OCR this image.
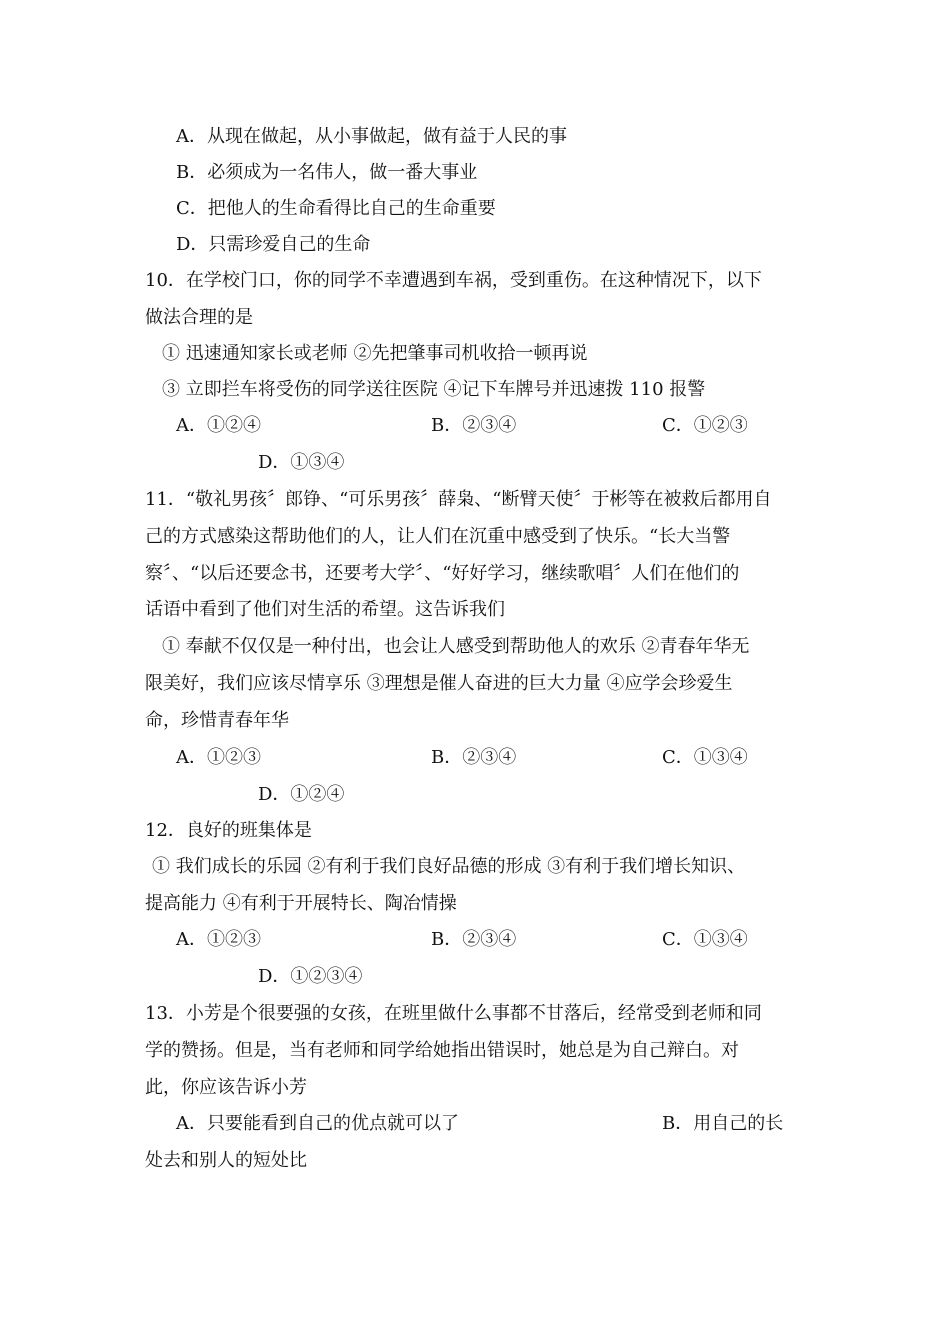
A．从现在做起，从小事做起，做有益于人民的事
B．必须成为一名伟人，做一番大事业
C．把他人的生命看得比自己的生命重要
D．只需珍爱自己的生命
10．在学校门口，你的同学不幸遭遇到车祸，受到重伤。在这种情况下，以下
做法合理的是
① 迅速通知家长或老师 ②先把肇事司机收拾一顿再说
③ 立即拦车将受伤的同学送往医院 ④记下车牌号并迅速拨 110 报警
A．①②④	B．②③④	C．①②③
D．①③④
11．“敬礼男孩〞郎铮、“可乐男孩〞薛枭、“断臂天使〞于彬等在被救后都用自
己的方式感染这帮助他们的人，让人们在沉重中感受到了快乐。“长大当警
察〞、“以后还要念书，还要考大学〞、“好好学习，继续歌唱〞人们在他们的
话语中看到了他们对生活的希望。这告诉我们
① 奉献不仅仅是一种付出，也会让人感受到帮助他人的欢乐 ②青春年华无
限美好，我们应该尽情享乐 ③理想是催人奋进的巨大力量 ④应学会珍爱生
命，珍惜青春年华
A．①②③	B．②③④	C．①③④
D．①②④
12．良好的班集体是
① 我们成长的乐园 ②有利于我们良好品德的形成 ③有利于我们增长知识、
提高能力 ④有利于开展特长、陶冶情操
A．①②③	B．②③④	C．①③④
D．①②③④
13．小芳是个很要强的女孩，在班里做什么事都不甘落后，经常受到老师和同
学的赞扬。但是，当有老师和同学给她指出错误时，她总是为自己辩白。对
此，你应该告诉小芳
A．只要能看到自己的优点就可以了	B．用自己的长
处去和别人的短处比
